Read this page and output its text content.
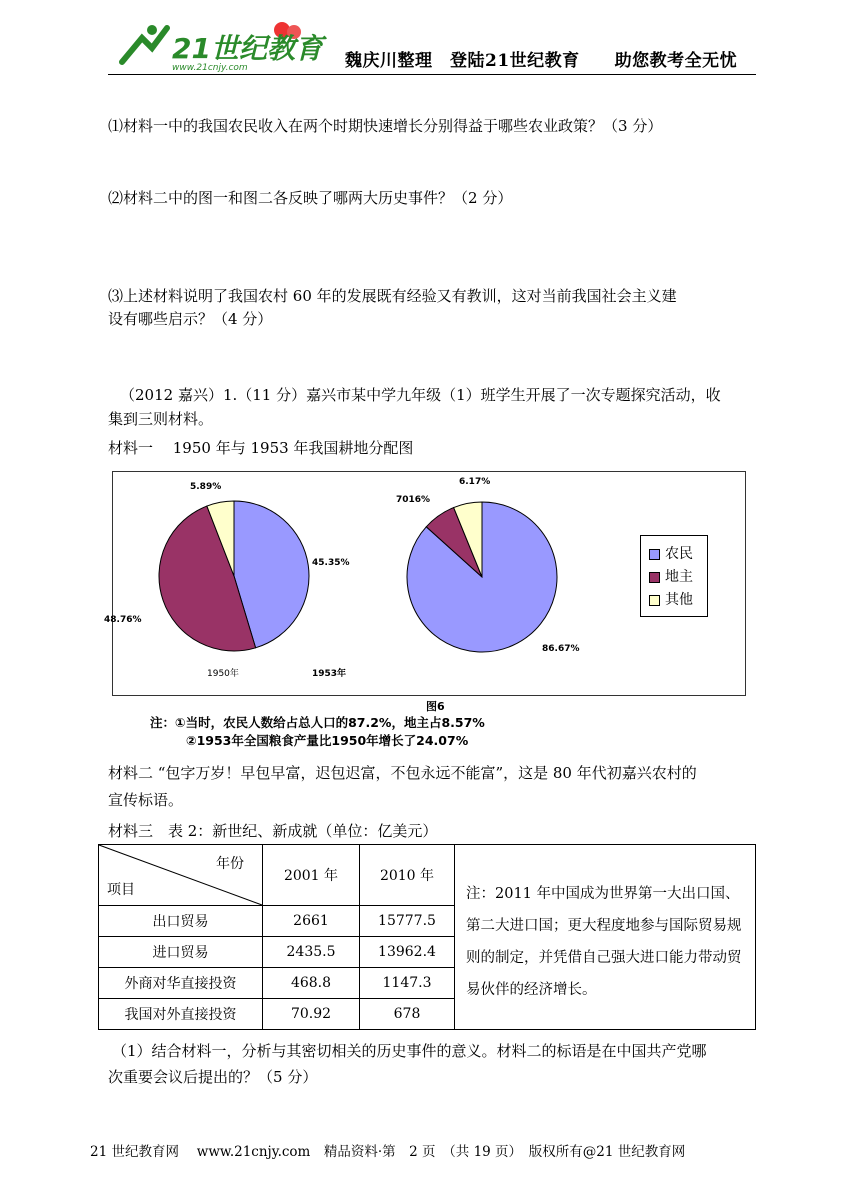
21世纪教育
www.21cnjy.com	魏庆川整理　登陆21世纪教育　　助您教考全无忧
⑴材料一中的我国农民收入在两个时期快速增长分别得益于哪些农业政策？（3 分）
⑵材料二中的图一和图二各反映了哪两大历史事件？（2 分）
⑶上述材料说明了我国农村 60 年的发展既有经验又有教训，这对当前我国社会主义建
设有哪些启示？（4 分）
（2012 嘉兴）1.（11 分）嘉兴市某中学九年级（1）班学生开展了一次专题探究活动，收
集到三则材料。
材料一　 1950 年与 1953 年我国耕地分配图
45.35%
48.76%
5.89%
86.67%
7016%
6.17%
1950年	1953年
农民
地主
其他
图6
注：①当时，农民人数给占总人口的87.2%，地主占8.57%
②1953年全国粮食产量比1950年增长了24.07%
材料二 “包字万岁！早包早富，迟包迟富，不包永远不能富”，这是 80 年代初嘉兴农村的
宣传标语。
材料三　表 2：新世纪、新成就（单位：亿美元）
年份
项目	2001 年	2010 年	
出口贸易	2661	15777.5	
进口贸易	2435.5	13962.4	
外商对华直接投资	468.8	1147.3	
我国对外直接投资	70.92	678	
注：2011 年中国成为世界第一大出口国、第二大进口国；更大程度地参与国际贸易规则的制定，并凭借自己强大进口能力带动贸易伙伴的经济增长。
（1）结合材料一，分析与其密切相关的历史事件的意义。材料二的标语是在中国共产党哪
次重要会议后提出的？（5 分）
21 世纪教育网　 www.21cnjy.com　精品资料·第　2 页　（共 19 页）　版权所有@21 世纪教育网
